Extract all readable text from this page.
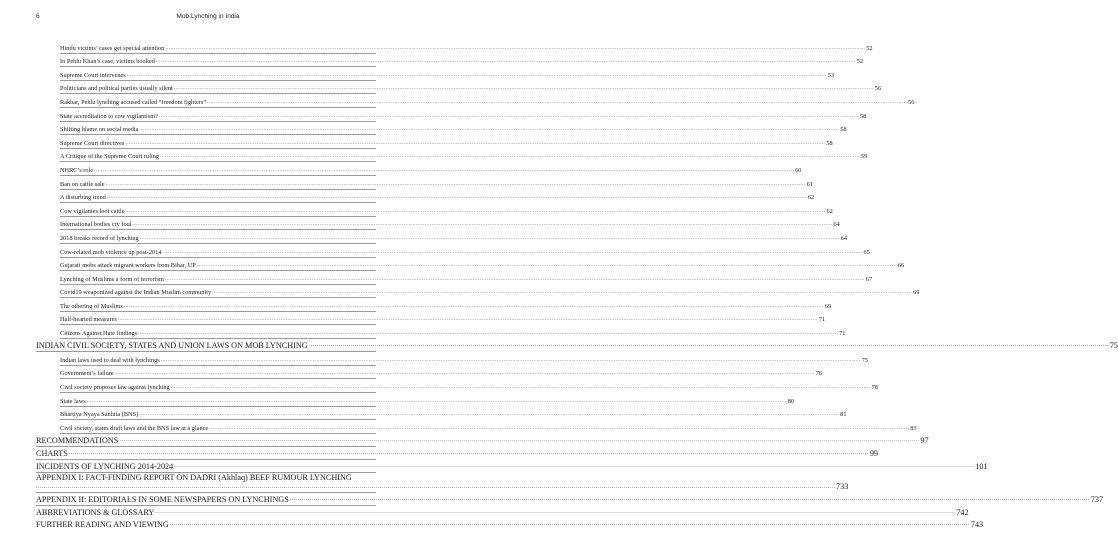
6	Mob Lynching in India
Hindu victims’ cases get special attention ................................................................................................................................................................................................................................................................................................................................................................................................................ 52
In Pehlu Khan’s case, victims booked ................................................................................................................................................................................................................................................................................................................................................................................................................ 52
Supreme Court intervenes ................................................................................................................................................................................................................................................................................................................................................................................................................ 53
Politicians and political parties usually silent ................................................................................................................................................................................................................................................................................................................................................................................................................ 56
Rakbar, Pehlu lynching accused called “freedom fighters” ................................................................................................................................................................................................................................................................................................................................................................................................................ 56
State accreditation to cow vigilantism? ................................................................................................................................................................................................................................................................................................................................................................................................................ 58
Shifting blame on social media ................................................................................................................................................................................................................................................................................................................................................................................................................ 58
Supreme Court directives ................................................................................................................................................................................................................................................................................................................................................................................................................ 58
A Critique of the Supreme Court ruling ................................................................................................................................................................................................................................................................................................................................................................................................................ 59
NHRC’s role ................................................................................................................................................................................................................................................................................................................................................................................................................ 60
Ban on cattle sale ................................................................................................................................................................................................................................................................................................................................................................................................................ 61
A disturbing trend ................................................................................................................................................................................................................................................................................................................................................................................................................ 62
Cow vigilantes loot cattle ................................................................................................................................................................................................................................................................................................................................................................................................................ 62
International bodies cry foul ................................................................................................................................................................................................................................................................................................................................................................................................................ 64
2018 breaks record of lynching ................................................................................................................................................................................................................................................................................................................................................................................................................ 64
Cow-related mob violence up post-2014 ................................................................................................................................................................................................................................................................................................................................................................................................................ 65
Gujarati mobs attack migrant workers from Bihar, UP ................................................................................................................................................................................................................................................................................................................................................................................................................ 66
Lynching of Muslims a form of terrorism ................................................................................................................................................................................................................................................................................................................................................................................................................ 67
Covid19 weaponized against the Indian Muslim community ................................................................................................................................................................................................................................................................................................................................................................................................................ 69
The othering of Muslims ................................................................................................................................................................................................................................................................................................................................................................................................................ 69
Half-hearted measures ................................................................................................................................................................................................................................................................................................................................................................................................................ 71
Citizens Against Hate findings ................................................................................................................................................................................................................................................................................................................................................................................................................ 71
INDIAN CIVIL SOCIETY, STATES AND UNION LAWS ON MOB LYNCHING ................................................................................................................................................................................................................................................................................................................................................................................................................ 75
Indian laws used to deal with lynchings ................................................................................................................................................................................................................................................................................................................................................................................................................ 75
Government’s failure ................................................................................................................................................................................................................................................................................................................................................................................................................ 76
Civil society proposes law against lynching ................................................................................................................................................................................................................................................................................................................................................................................................................ 78
State laws ................................................................................................................................................................................................................................................................................................................................................................................................................ 80
Bhartiya Nyaya Sanhita (BNS) ................................................................................................................................................................................................................................................................................................................................................................................................................ 81
Civil society, states draft laws and the BNS law at a glance ................................................................................................................................................................................................................................................................................................................................................................................................................ 83
RECOMMENDATIONS ................................................................................................................................................................................................................................................................................................................................................................................................................ 97
CHARTS ................................................................................................................................................................................................................................................................................................................................................................................................................ 99
INCIDENTS OF LYNCHING 2014-2024 ................................................................................................................................................................................................................................................................................................................................................................................................................ 101
APPENDIX I: FACT-FINDING REPORT ON DADRI (Akhlaq) BEEF RUMOUR LYNCHING
................................................................................................................................................................................................................................................................................................................................................................................................................ 733
APPENDIX II: EDITORIALS IN SOME NEWSPAPERS ON LYNCHINGS ................................................................................................................................................................................................................................................................................................................................................................................................................ 737
ABBREVIATIONS & GLOSSARY ................................................................................................................................................................................................................................................................................................................................................................................................................ 742
FURTHER READING AND VIEWING ................................................................................................................................................................................................................................................................................................................................................................................................................ 743
